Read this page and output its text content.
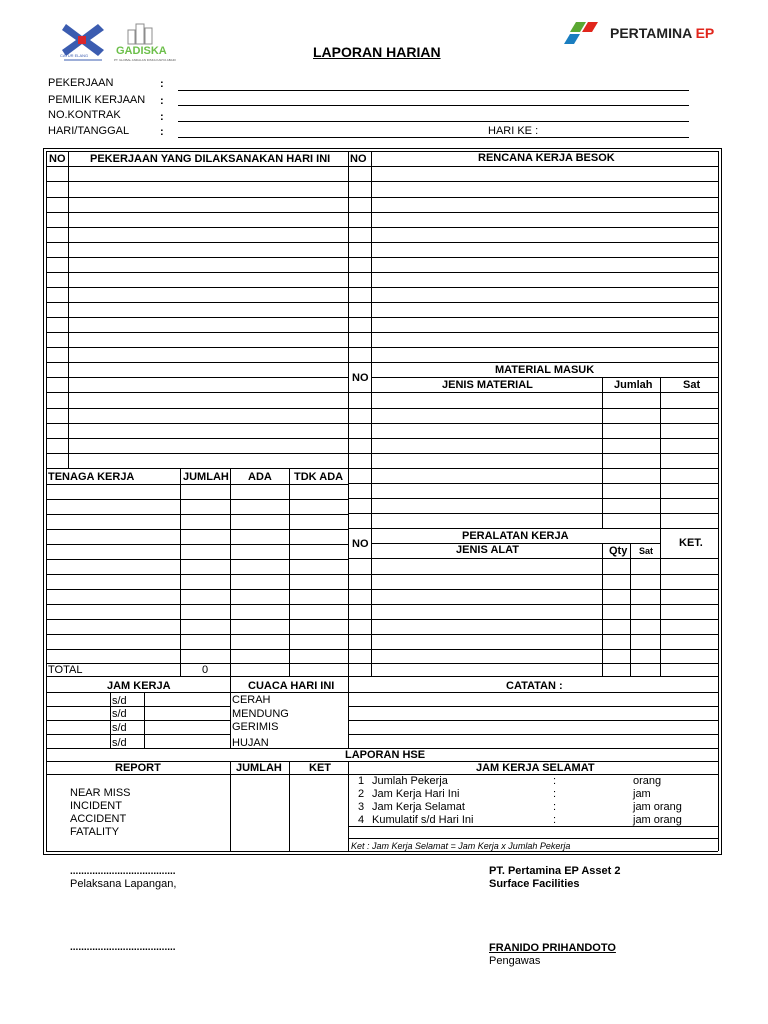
CATUR ELANG	GADISKA
PT. GLOBAL ANDALAN DISKA KARYA ABADI
PERTAMINA EP
LAPORAN HARIAN
PEKERJAAN	:
PEMILIK KERJAAN :
NO.KONTRAK	:
HARI/TANGGAL	:	HARI KE :
NO PEKERJAAN YANG DILAKSANAKAN HARI INI NO	RENCANA KERJA BESOK
MATERIAL MASUK
NO
JENIS MATERIAL	Jumlah	Sat
TENAGA KERJA	JUMLAH ADA TDK ADA
PERALATAN KERJA
NO	JENIS ALAT	Qty Sat
KET.
TOTAL	0
JAM KERJA	CUACA HARI INI	CATATAN :
s/d
s/d
s/d
s/d
CERAH
MENDUNG
GERIMIS
HUJAN
LAPORAN HSE
REPORT	JUMLAH KET	JAM KERJA SELAMAT
NEAR MISS
INCIDENT
ACCIDENT
FATALITY
1 Jumlah Pekerja	:	orang
2 Jam Kerja Hari Ini	:	jam
3 Jam Kerja Selamat	:	jam orang
4 Kumulatif s/d Hari Ini	:	jam orang
Ket : Jam Kerja Selamat = Jam Kerja x Jumlah Pekerja
......................................
Pelaksana Lapangan,
PT. Pertamina EP Asset 2
Surface Facilities
......................................	FRANIDO PRIHANDOTO
Pengawas
